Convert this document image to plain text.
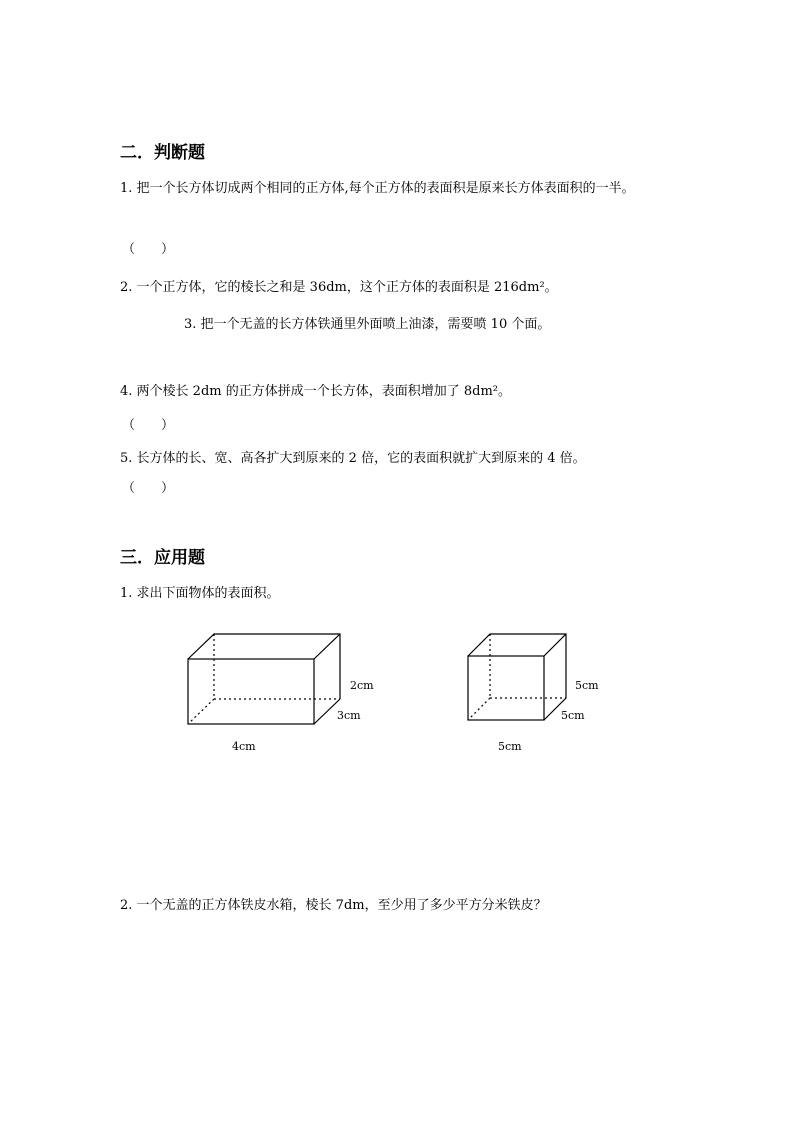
二．判断题
1. 把一个长方体切成两个相同的正方体,每个正方体的表面积是原来长方体表面积的一半。
（　　）
2. 一个正方体，它的棱长之和是 36dm，这个正方体的表面积是 216dm²。
3. 把一个无盖的长方体铁通里外面喷上油漆，需要喷 10 个面。
4. 两个棱长 2dm 的正方体拼成一个长方体，表面积增加了 8dm²。
（　　）
5. 长方体的长、宽、高各扩大到原来的 2 倍，它的表面积就扩大到原来的 4 倍。
（　　）
三．应用题
1. 求出下面物体的表面积。
2cm
3cm
4cm
5cm
5cm
5cm
2. 一个无盖的正方体铁皮水箱，棱长 7dm，至少用了多少平方分米铁皮？
